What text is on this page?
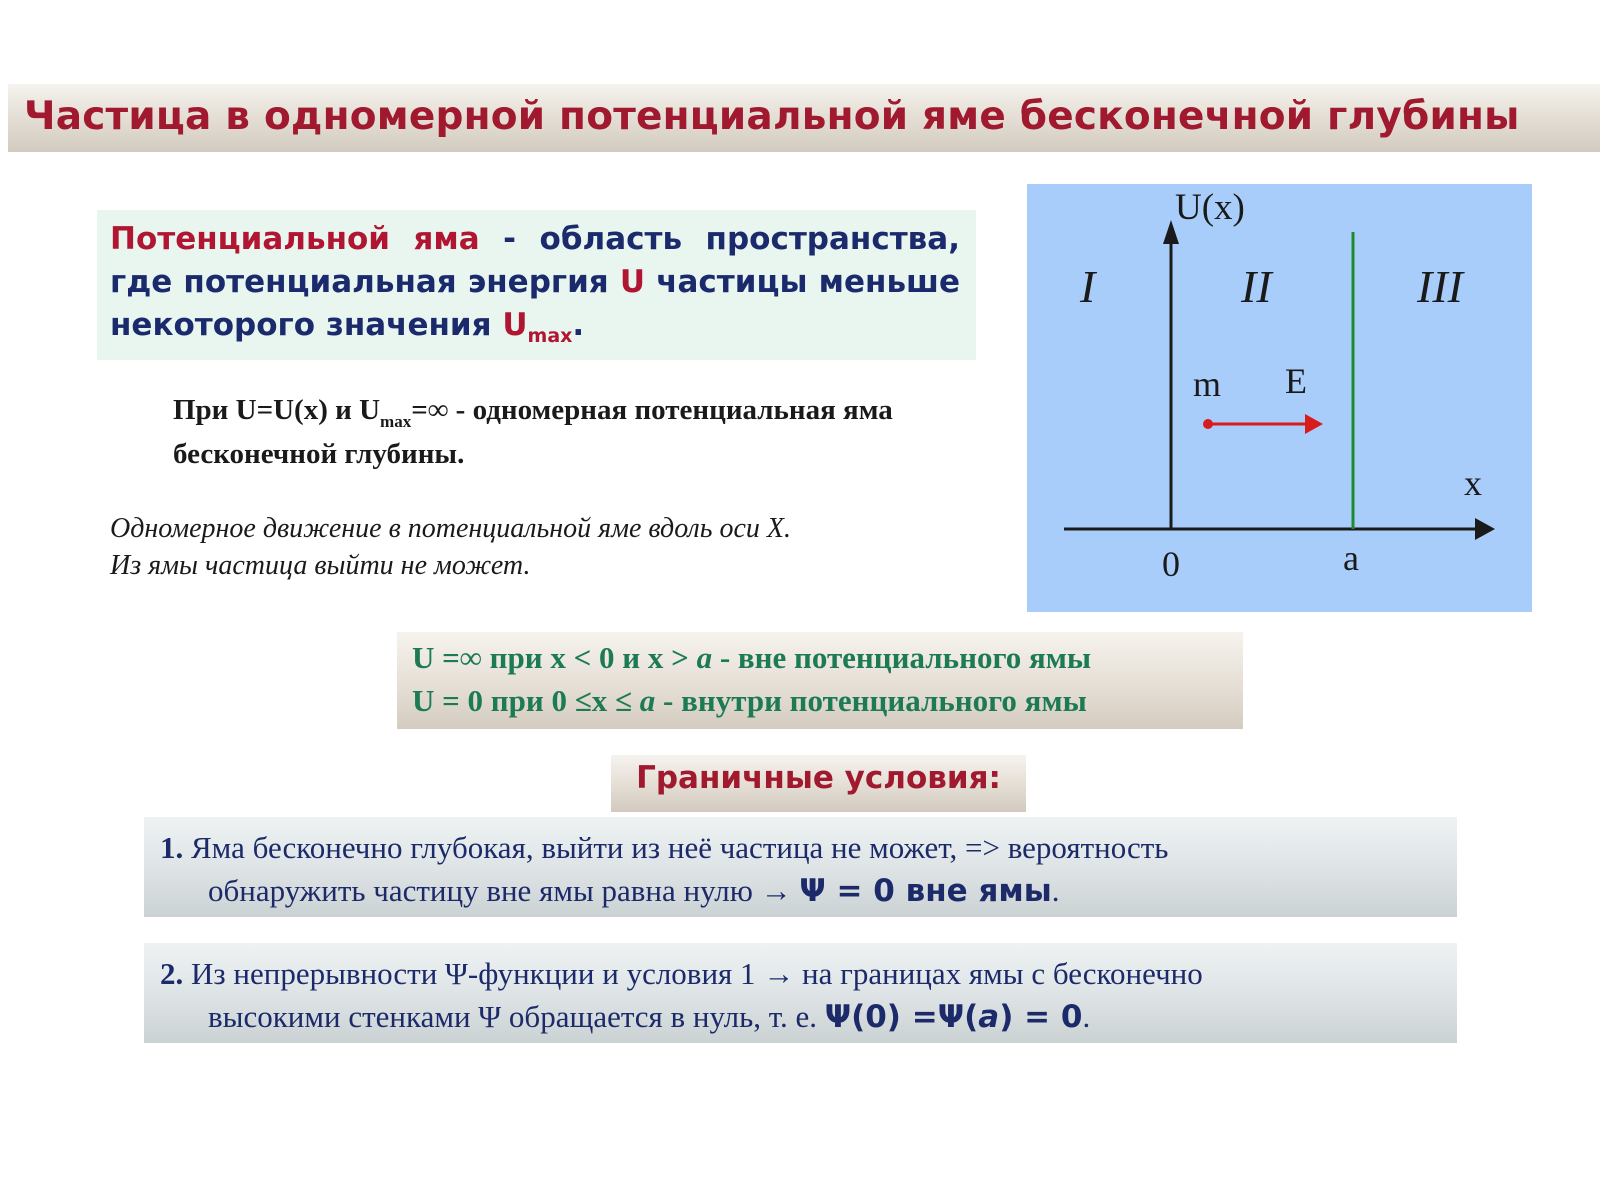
Частица в одномерной потенциальной яме бесконечной глубины
Потенциальной яма - область пространства, где потенциальная энергия U частицы меньше некоторого значения $U_{max}$.
При U=U(x) и $U_{max}=\infty$ - одномерная потенциальная яма бесконечной глубины.
Одномерное движение в потенциальной яме вдоль оси X.
Из ямы частица выйти не может.
U(x)
I	II	III
m E
x
0	a
U =∞ при x < 0 и x > a - вне потенциального ямы
U = 0 при 0 ≤x ≤ a - внутри потенциального ямы
Граничные условия:
1. Яма бесконечно глубокая, выйти из неё частица не может, => вероятность
обнаружить частицу вне ямы равна нулю → Ψ = 0 вне ямы.
2. Из непрерывности Ψ-функции и условия 1 → на границах ямы с бесконечно
высокими стенками Ψ обращается в нуль, т. е. Ψ(0) =Ψ(a) = 0.
